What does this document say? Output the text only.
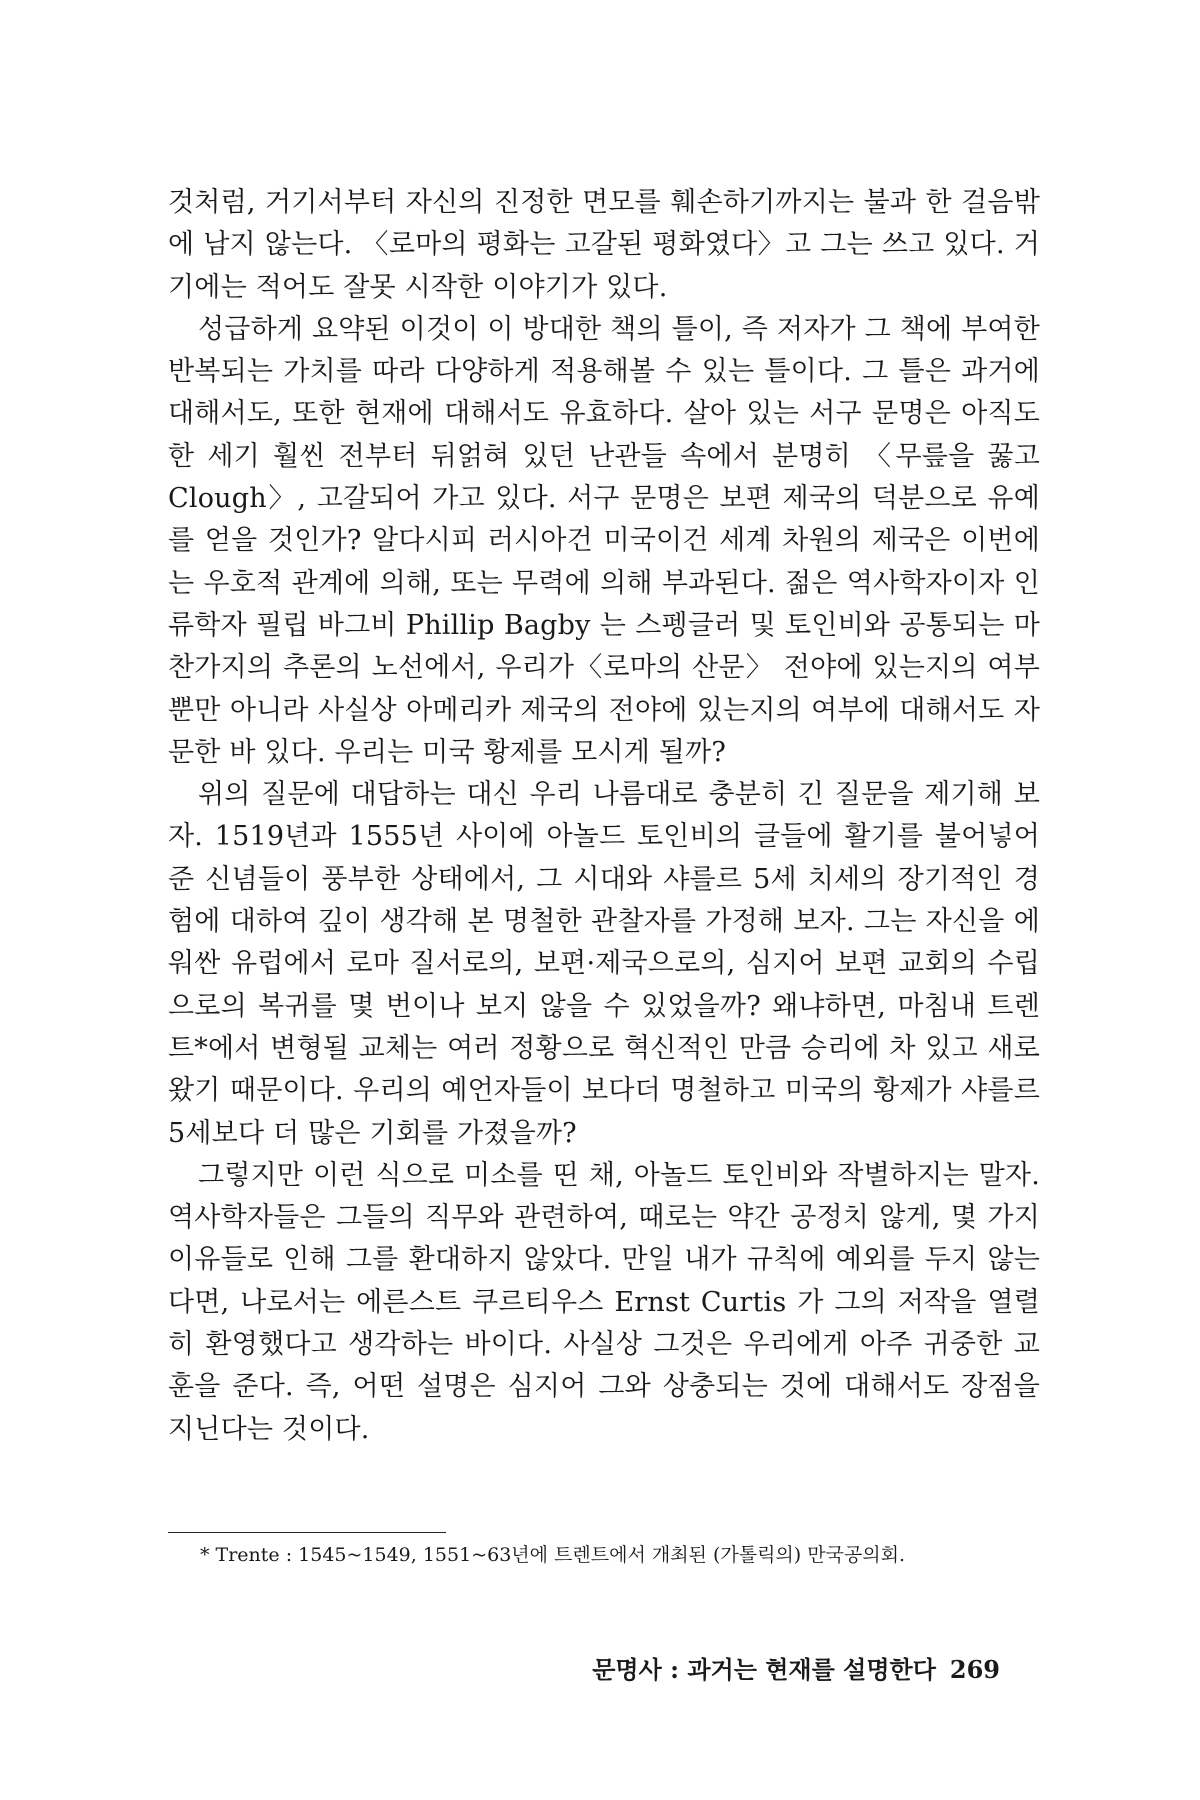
것처럼, 거기서부터 자신의 진정한 면모를 훼손하기까지는 불과 한 걸음밖에 남지 않는다. 〈로마의 평화는 고갈된 평화였다〉고 그는 쓰고 있다. 거기에는 적어도 잘못 시작한 이야기가 있다.

성급하게 요약된 이것이 이 방대한 책의 틀이, 즉 저자가 그 책에 부여한 반복되는 가치를 따라 다양하게 적용해볼 수 있는 틀이다. 그 틀은 과거에 대해서도, 또한 현재에 대해서도 유효하다. 살아 있는 서구 문명은 아직도 한 세기 훨씬 전부터 뒤얽혀 있던 난관들 속에서 분명히 〈무릎을 꿇고 Clough〉, 고갈되어 가고 있다. 서구 문명은 보편 제국의 덕분으로 유예를 얻을 것인가? 알다시피 러시아건 미국이건 세계 차원의 제국은 이번에는 우호적 관계에 의해, 또는 무력에 의해 부과된다. 젊은 역사학자이자 인류학자 필립 바그비 Phillip Bagby 는 스펭글러 및 토인비와 공통되는 마찬가지의 추론의 노선에서, 우리가〈로마의 산문〉 전야에 있는지의 여부뿐만 아니라 사실상 아메리카 제국의 전야에 있는지의 여부에 대해서도 자문한 바 있다. 우리는 미국 황제를 모시게 될까?

위의 질문에 대답하는 대신 우리 나름대로 충분히 긴 질문을 제기해 보자. 1519년과 1555년 사이에 아놀드 토인비의 글들에 활기를 불어넣어준 신념들이 풍부한 상태에서, 그 시대와 샤를르 5세 치세의 장기적인 경험에 대하여 깊이 생각해 본 명철한 관찰자를 가정해 보자. 그는 자신을 에워싼 유럽에서 로마 질서로의, 보편·제국으로의, 심지어 보편 교회의 수립으로의 복귀를 몇 번이나 보지 않을 수 있었을까? 왜냐하면, 마침내 트렌트*에서 변형될 교체는 여러 정황으로 혁신적인 만큼 승리에 차 있고 새로왔기 때문이다. 우리의 예언자들이 보다더 명철하고 미국의 황제가 샤를르 5세보다 더 많은 기회를 가졌을까?

그렇지만 이런 식으로 미소를 띤 채, 아놀드 토인비와 작별하지는 말자. 역사학자들은 그들의 직무와 관련하여, 때로는 약간 공정치 않게, 몇 가지 이유들로 인해 그를 환대하지 않았다. 만일 내가 규칙에 예외를 두지 않는다면, 나로서는 에른스트 쿠르티우스 Ernst Curtis 가 그의 저작을 열렬히 환영했다고 생각하는 바이다. 사실상 그것은 우리에게 아주 귀중한 교훈을 준다. 즉, 어떤 설명은 심지어 그와 상충되는 것에 대해서도 장점을 지닌다는 것이다.

* Trente : 1545~1549, 1551~63년에 트렌트에서 개최된 (가톨릭의) 만국공의회.
문명사 : 과거는 현재를 설명한다 269
